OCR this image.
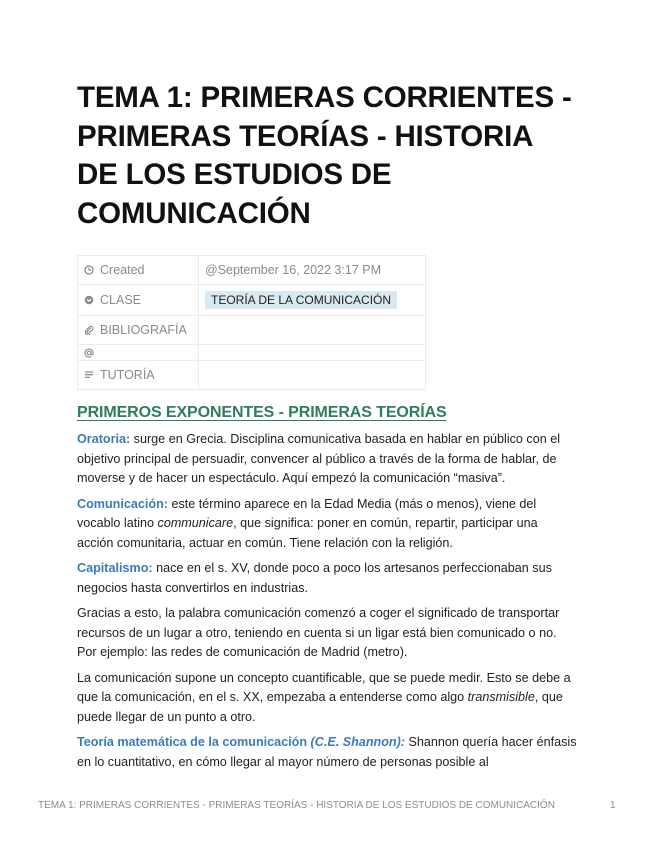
TEMA 1: PRIMERAS CORRIENTES - PRIMERAS TEORÍAS - HISTORIA DE LOS ESTUDIOS DE COMUNICACIÓN
Created	@September 16, 2022 3:17 PM

CLASE	TEORÍA DE LA COMUNICACIÓN

BIBLIOGRAFÍA	

TUTORÍA	
PRIMEROS EXPONENTES - PRIMERAS TEORÍAS

Oratoria: surge en Grecia. Disciplina comunicativa basada en hablar en público con el objetivo principal de persuadir, convencer al público a través de la forma de hablar, de moverse y de hacer un espectáculo. Aquí empezó la comunicación “masiva”.

Comunicación: este término aparece en la Edad Media (más o menos), viene del vocablo latino communicare, que significa: poner en común, repartir, participar una acción comunitaria, actuar en común. Tiene relación con la religión.

Capitalismo: nace en el s. XV, donde poco a poco los artesanos perfeccionaban sus negocios hasta convertirlos en industrias.

Gracias a esto, la palabra comunicación comenzó a coger el significado de transportar recursos de un lugar a otro, teniendo en cuenta si un ligar está bien comunicado o no. Por ejemplo: las redes de comunicación de Madrid (metro).

La comunicación supone un concepto cuantificable, que se puede medir. Esto se debe a que la comunicación, en el s. XX, empezaba a entenderse como algo transmisible, que puede llegar de un punto a otro.

Teoría matemática de la comunicación (C.E. Shannon): Shannon quería hacer énfasis en lo cuantitativo, en cómo llegar al mayor número de personas posible al

TEMA 1: PRIMERAS CORRIENTES - PRIMERAS TEORÍAS - HISTORIA DE LOS ESTUDIOS DE COMUNICACIÓN	1
